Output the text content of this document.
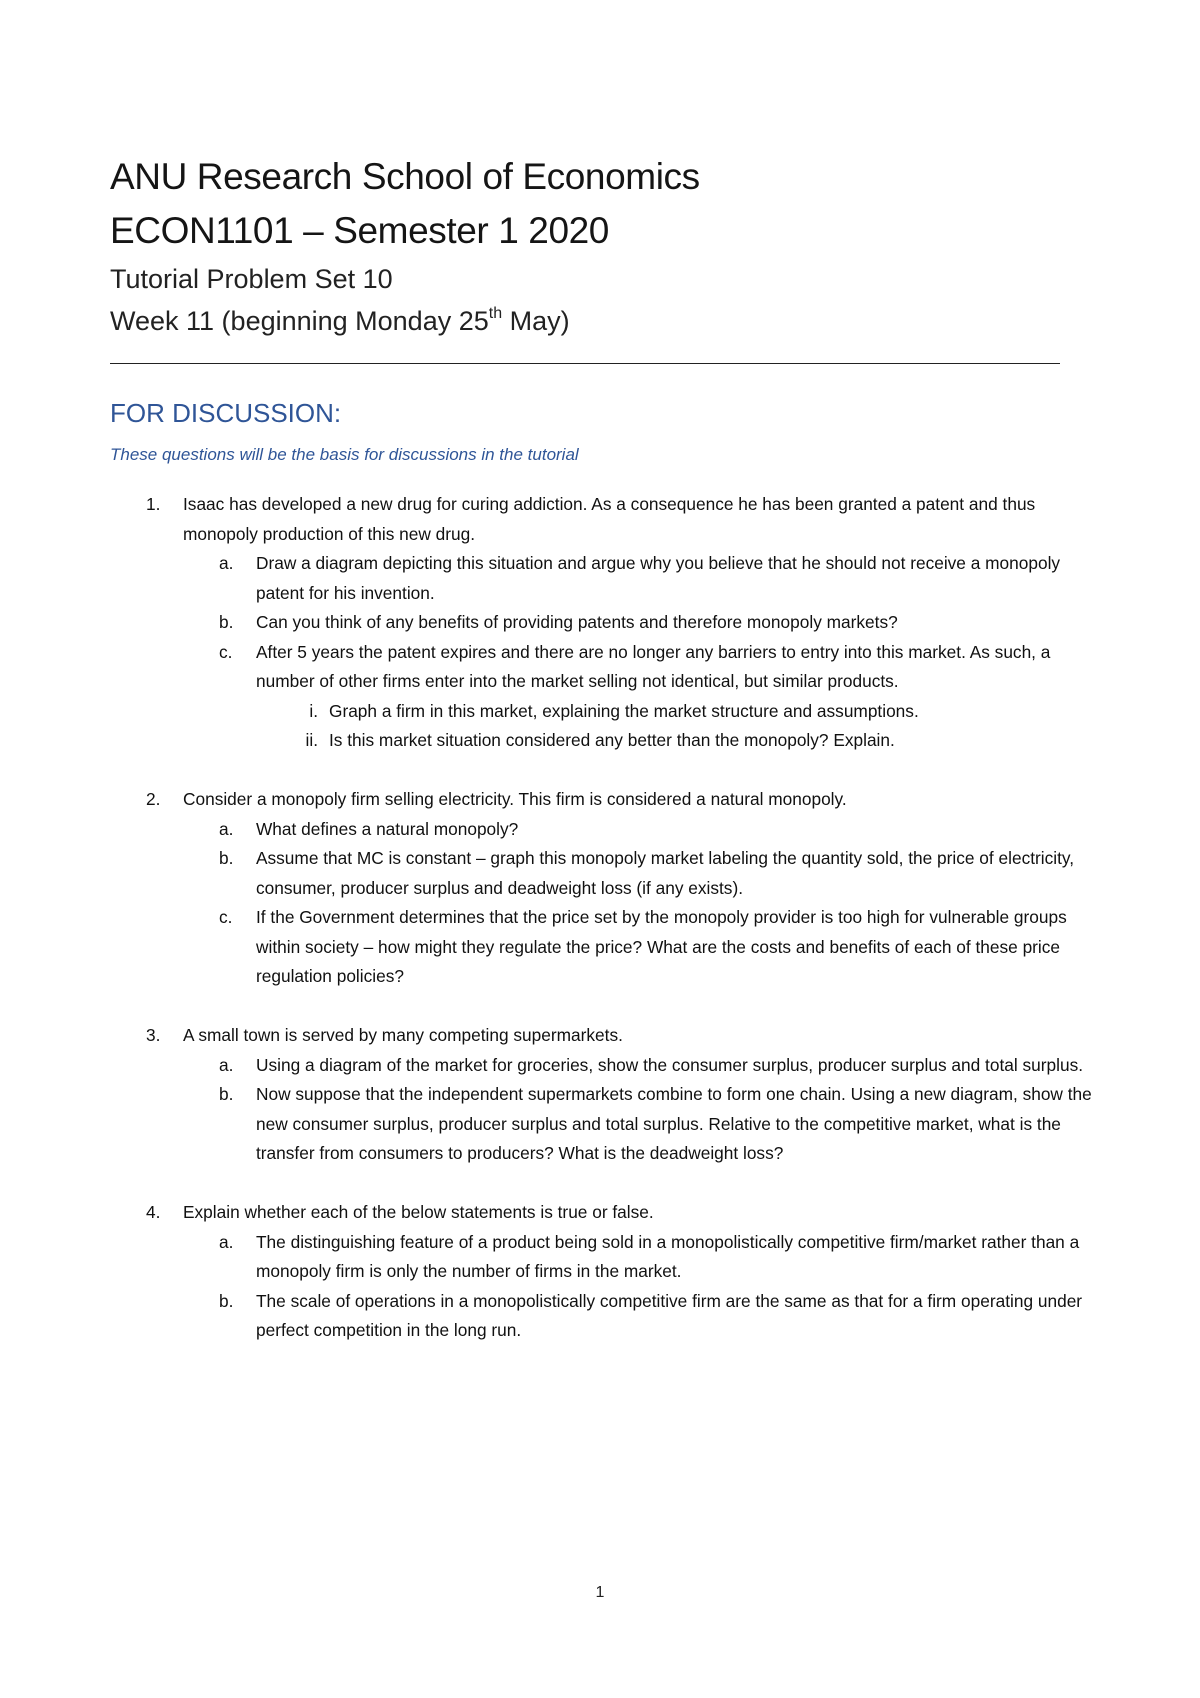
ANU Research School of Economics
ECON1101 – Semester 1 2020
Tutorial Problem Set 10
Week 11 (beginning Monday 25th May)
FOR DISCUSSION:
These questions will be the basis for discussions in the tutorial
1. Isaac has developed a new drug for curing addiction. As a consequence he has been granted a patent and thus monopoly production of this new drug.
a. Draw a diagram depicting this situation and argue why you believe that he should not receive a monopoly patent for his invention.
b. Can you think of any benefits of providing patents and therefore monopoly markets?
c. After 5 years the patent expires and there are no longer any barriers to entry into this market. As such, a number of other firms enter into the market selling not identical, but similar products.
i. Graph a firm in this market, explaining the market structure and assumptions.
ii. Is this market situation considered any better than the monopoly? Explain.
2. Consider a monopoly firm selling electricity. This firm is considered a natural monopoly.
a. What defines a natural monopoly?
b. Assume that MC is constant – graph this monopoly market labeling the quantity sold, the price of electricity, consumer, producer surplus and deadweight loss (if any exists).
c. If the Government determines that the price set by the monopoly provider is too high for vulnerable groups within society – how might they regulate the price? What are the costs and benefits of each of these price regulation policies?
3. A small town is served by many competing supermarkets.
a. Using a diagram of the market for groceries, show the consumer surplus, producer surplus and total surplus.
b. Now suppose that the independent supermarkets combine to form one chain. Using a new diagram, show the new consumer surplus, producer surplus and total surplus. Relative to the competitive market, what is the transfer from consumers to producers? What is the deadweight loss?
4. Explain whether each of the below statements is true or false.
a. The distinguishing feature of a product being sold in a monopolistically competitive firm/market rather than a monopoly firm is only the number of firms in the market.
b. The scale of operations in a monopolistically competitive firm are the same as that for a firm operating under perfect competition in the long run.
1
